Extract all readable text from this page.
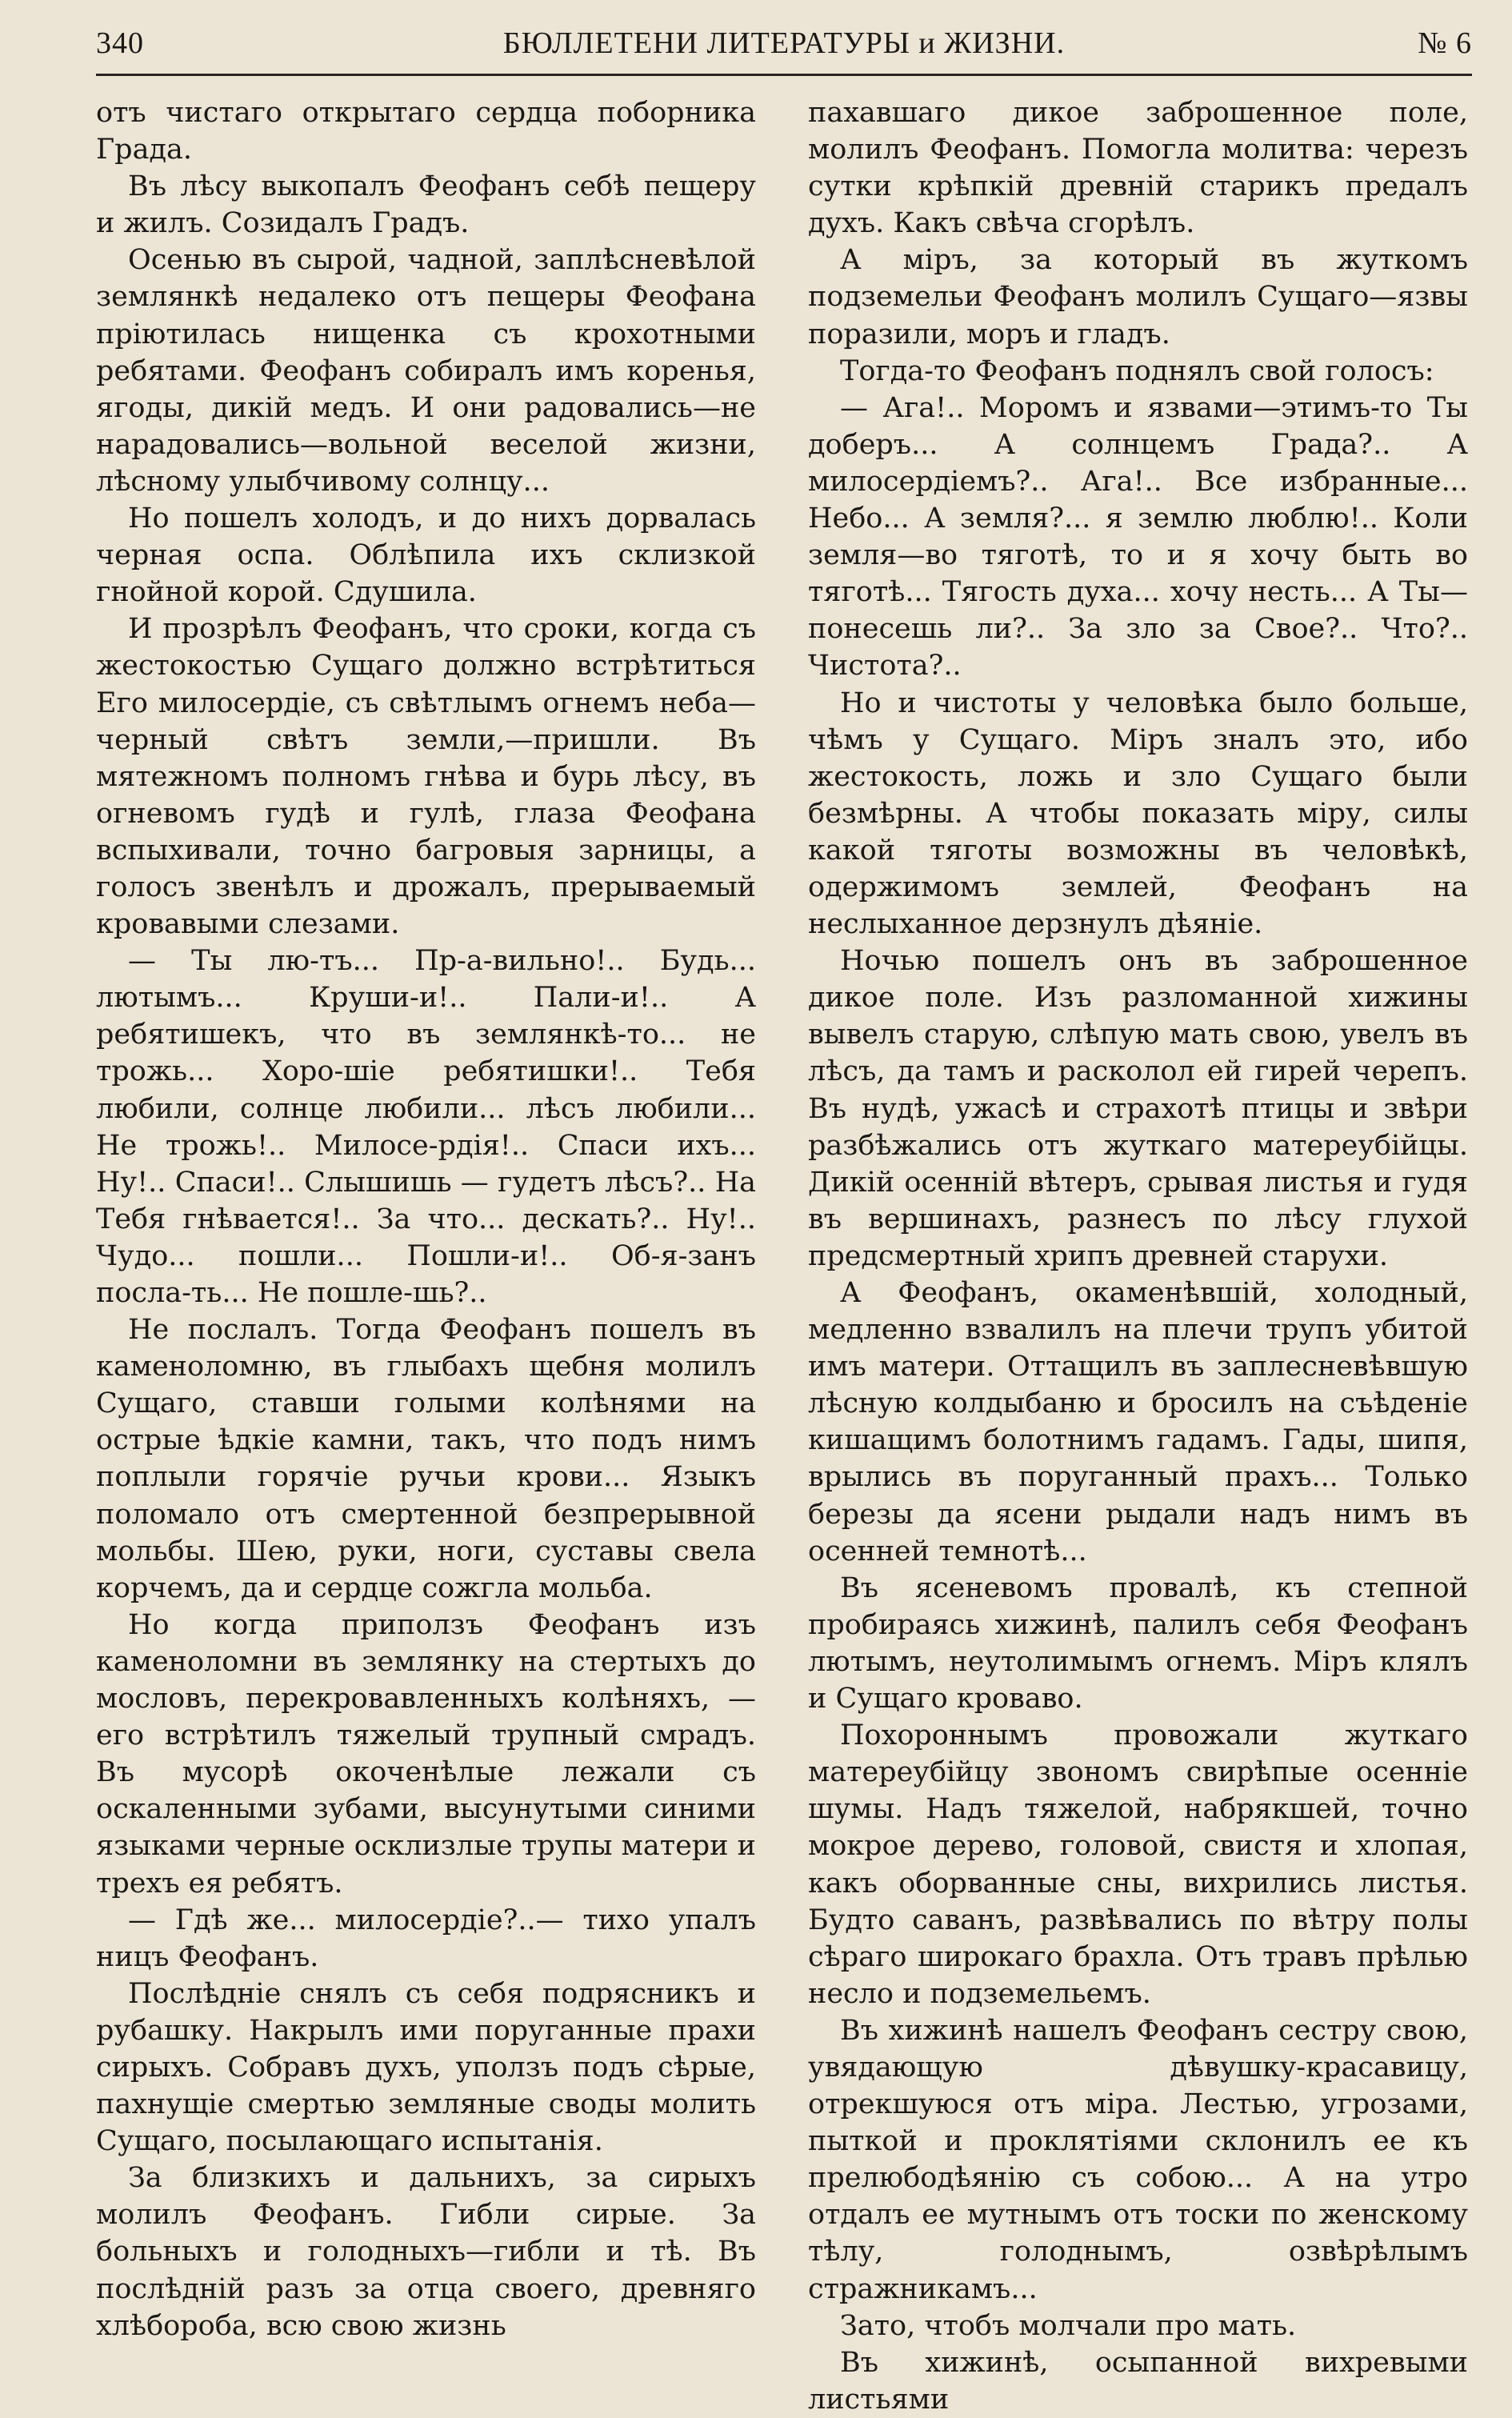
340	БЮЛЛЕТЕНИ ЛИТЕРАТУРЫ и ЖИЗНИ.	№ 6

отъ чистаго открытаго сердца поборника Града.

Въ лѣсу выкопалъ Феофанъ себѣ пещеру и жилъ. Созидалъ Градъ.

Осенью въ сырой, чадной, заплѣсневѣлой землянкѣ недалеко отъ пещеры Феофана пріютилась нищенка съ крохотными ребятами. Феофанъ собиралъ имъ коренья, ягоды, дикій медъ. И они радовались—не нарадовались—вольной веселой жизни, лѣсному улыбчивому солнцу...

Но пошелъ холодъ, и до нихъ дорвалась черная оспа. Облѣпила ихъ склизкой гнойной корой. Сдушила.

И прозрѣлъ Феофанъ, что сроки, когда съ жестокостью Сущаго должно встрѣтиться Его милосердіе, съ свѣтлымъ огнемъ неба—черный свѣтъ земли,—пришли. Въ мятежномъ полномъ гнѣва и бурь лѣсу, въ огневомъ гудѣ и гулѣ, глаза Феофана вспыхивали, точно багровыя зарницы, а голосъ звенѣлъ и дрожалъ, прерываемый кровавыми слезами.

— Ты лю-тъ... Пр-а-вильно!.. Будь... лютымъ... Круши-и!.. Пали-и!.. А ребятишекъ, что въ землянкѣ-то... не трожь... Хоро-шіе ребятишки!.. Тебя любили, солнце любили... лѣсъ любили... Не трожь!.. Милосе-рдія!.. Спаси ихъ... Ну!.. Спаси!.. Слышишь — гудетъ лѣсъ?.. На Тебя гнѣвается!.. За что... дескать?.. Ну!.. Чудо... пошли... Пошли-и!.. Об-я-занъ посла-ть... Не пошле-шь?..

Не послалъ. Тогда Феофанъ пошелъ въ каменоломню, въ глыбахъ щебня молилъ Сущаго, ставши голыми колѣнями на острые ѣдкіе камни, такъ, что подъ нимъ поплыли горячіе ручьи крови... Языкъ поломало отъ смертенной безпрерывной мольбы. Шею, руки, ноги, суставы свела корчемъ, да и сердце сожгла мольба.

Но когда приползъ Феофанъ изъ каменоломни въ землянку на стертыхъ до мословъ, перекровавленныхъ колѣняхъ, — его встрѣтилъ тяжелый трупный смрадъ. Въ мусорѣ окоченѣлые лежали съ оскаленными зубами, высунутыми синими языками черные осклизлые трупы матери и трехъ ея ребятъ.

— Гдѣ же... милосердіе?..— тихо упалъ ницъ Феофанъ.

Послѣдніе снялъ съ себя подрясникъ и рубашку. Накрылъ ими поруганные прахи сирыхъ. Собравъ духъ, уползъ подъ сѣрые, пахнущіе смертью земляные своды молить Сущаго, посылающаго испытанія.

За близкихъ и дальнихъ, за сирыхъ молилъ Феофанъ. Гибли сирые. За больныхъ и голодныхъ—гибли и тѣ. Въ послѣдній разъ за отца своего, древняго хлѣбороба, всю свою жизнь

пахавшаго дикое заброшенное поле, молилъ Феофанъ. Помогла молитва: черезъ сутки крѣпкій древній старикъ предалъ духъ. Какъ свѣча сгорѣлъ.

А міръ, за который въ жуткомъ подземельи Феофанъ молилъ Сущаго—язвы поразили, моръ и гладъ.

Тогда-то Феофанъ поднялъ свой голосъ:

— Ага!.. Моромъ и язвами—этимъ-то Ты доберъ... А солнцемъ Града?.. А милосердіемъ?.. Ага!.. Все избранные... Небо... А земля?... я землю люблю!.. Коли земля—во тяготѣ, то и я хочу быть во тяготѣ... Тягость духа... хочу несть... А Ты—понесешь ли?.. За зло за Свое?.. Что?.. Чистота?..

Но и чистоты у человѣка было больше, чѣмъ у Сущаго. Міръ зналъ это, ибо жестокость, ложь и зло Сущаго были безмѣрны. А чтобы показать міру, силы какой тяготы возможны въ человѣкѣ, одержимомъ землей, Феофанъ на неслыханное дерзнулъ дѣяніе.

Ночью пошелъ онъ въ заброшенное дикое поле. Изъ разломанной хижины вывелъ старую, слѣпую мать свою, увелъ въ лѣсъ, да тамъ и расколол ей гирей черепъ. Въ нудѣ, ужасѣ и страхотѣ птицы и звѣри разбѣжались отъ жуткаго матереубійцы. Дикій осенній вѣтеръ, срывая листья и гудя въ вершинахъ, разнесъ по лѣсу глухой предсмертный хрипъ древней старухи.

А Феофанъ, окаменѣвшій, холодный, медленно взвалилъ на плечи трупъ убитой имъ матери. Оттащилъ въ заплесневѣвшую лѣсную колдыбаню и бросилъ на съѣденіе кишащимъ болотнимъ гадамъ. Гады, шипя, врылись въ поруганный прахъ... Только березы да ясени рыдали надъ нимъ въ осенней темнотѣ...

Въ ясеневомъ провалѣ, къ степной пробираясь хижинѣ, палилъ себя Феофанъ лютымъ, неутолимымъ огнемъ. Міръ клялъ и Сущаго кроваво.

Похороннымъ провожали жуткаго матереубійцу звономъ свирѣпые осенніе шумы. Надъ тяжелой, набрякшей, точно мокрое дерево, головой, свистя и хлопая, какъ оборванные сны, вихрились листья. Будто саванъ, развѣвались по вѣтру полы сѣраго широкаго брахла. Отъ травъ прѣлью несло и подземельемъ.

Въ хижинѣ нашелъ Феофанъ сестру свою, увядающую дѣвушку-красавицу, отрекшуюся отъ міра. Лестью, угрозами, пыткой и проклятіями склонилъ ее къ прелюбодѣянію съ собою... А на утро отдалъ ее мутнымъ отъ тоски по женскому тѣлу, голоднымъ, озвѣрѣлымъ стражникамъ...

Зато, чтобъ молчали про мать.

Въ хижинѣ, осыпанной вихревыми листьями
